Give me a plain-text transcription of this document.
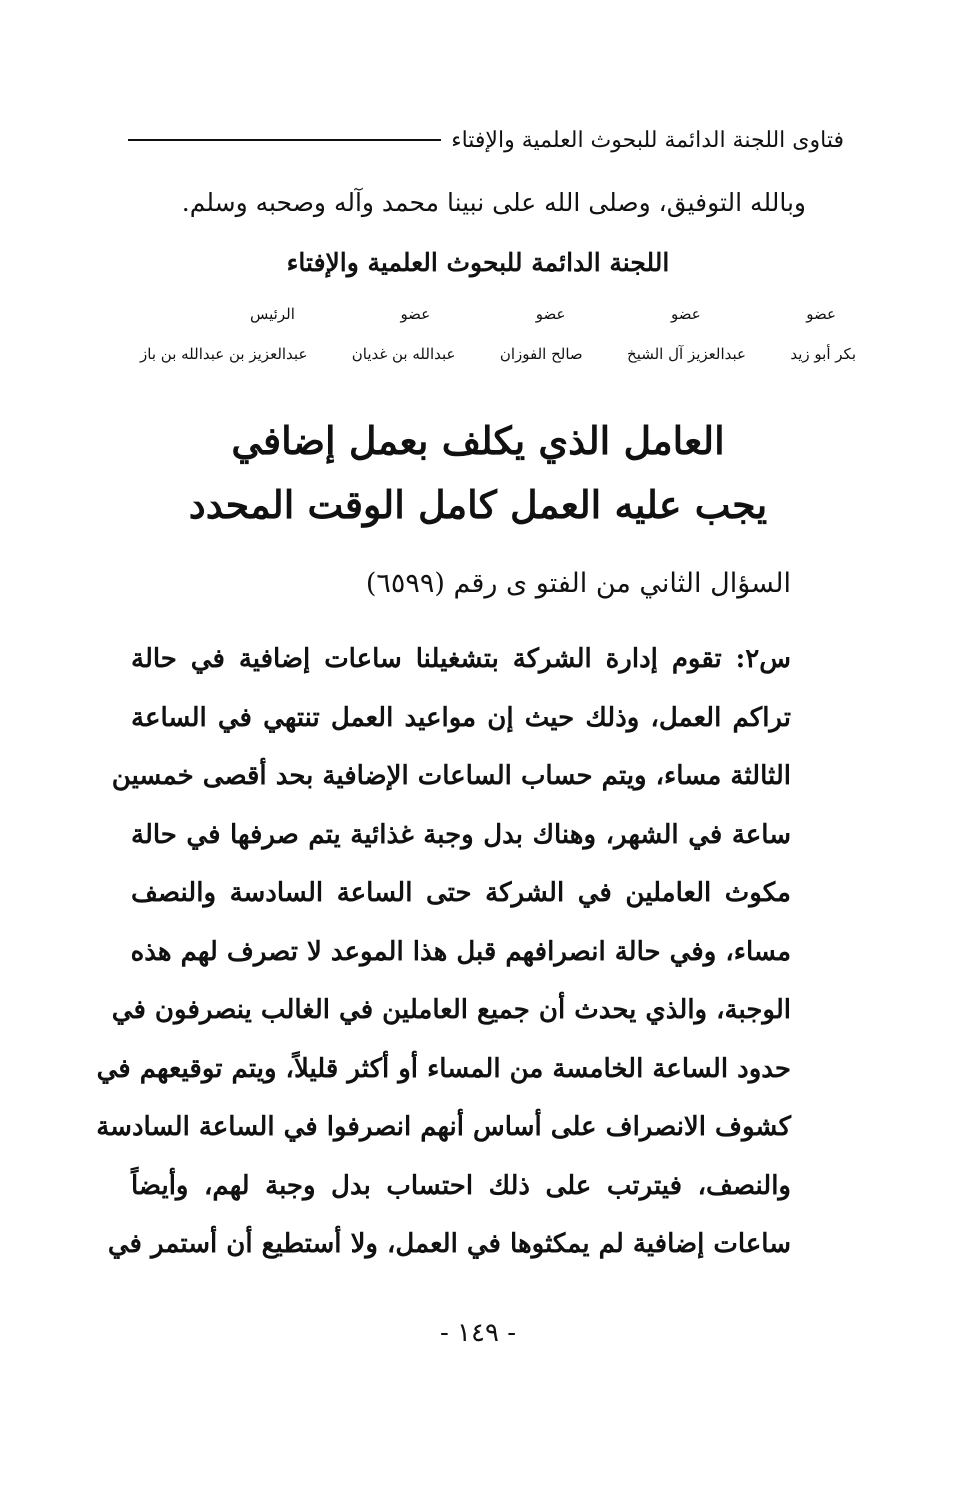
فتاوى اللجنة الدائمة للبحوث العلمية والإفتاء
وبالله التوفيق، وصلى الله على نبينا محمد وآله وصحبه وسلم.
اللجنة الدائمة للبحوث العلمية والإفتاء
عضو
عضو
عضو
عضو
الرئيس
بكر أبو زيد
عبدالعزيز آل الشيخ
صالح الفوزان
عبدالله بن غديان
عبدالعزيز بن عبدالله بن باز
العامل الذي يكلف بعمل إضافي
يجب عليه العمل كامل الوقت المحدد
السؤال الثاني من الفتو ى رقم (٦٥٩٩)
س٢: تقوم إدارة الشركة بتشغيلنا ساعات إضافية في حالة
تراكم العمل، وذلك حيث إن مواعيد العمل تنتهي في الساعة
الثالثة مساء، ويتم حساب الساعات الإضافية بحد أقصى خمسين
ساعة في الشهر، وهناك بدل وجبة غذائية يتم صرفها في حالة
مكوث العاملين في الشركة حتى الساعة السادسة والنصف
مساء، وفي حالة انصرافهم قبل هذا الموعد لا تصرف لهم هذه
الوجبة، والذي يحدث أن جميع العاملين في الغالب ينصرفون في
حدود الساعة الخامسة من المساء أو أكثر قليلاً، ويتم توقيعهم في
كشوف الانصراف على أساس أنهم انصرفوا في الساعة السادسة
والنصف، فيترتب على ذلك احتساب بدل وجبة لهم، وأيضاً
ساعات إضافية لم يمكثوها في العمل، ولا أستطيع أن أستمر في
- ١٤٩ -
